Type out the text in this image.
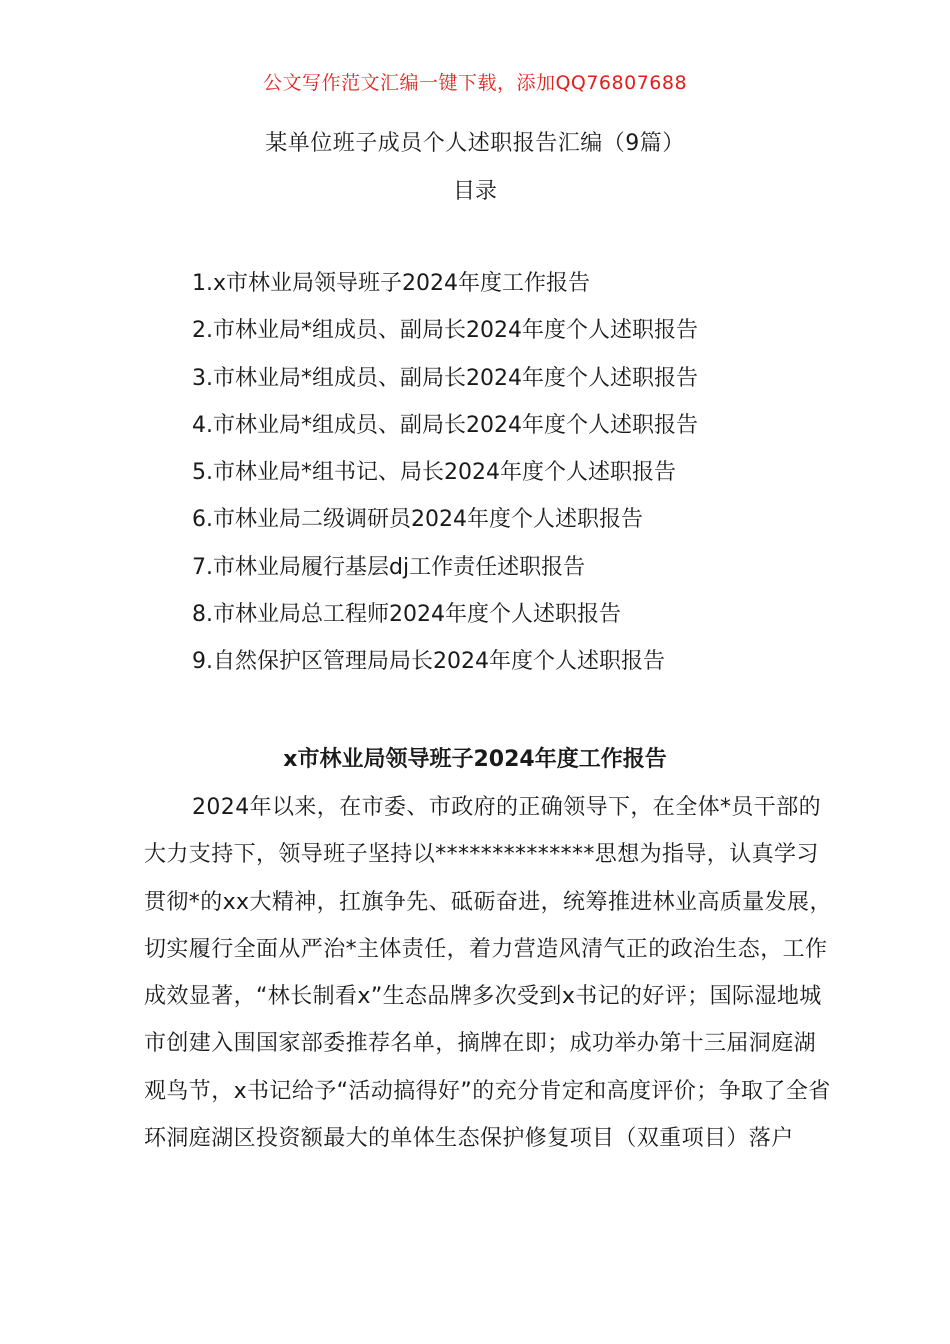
公文写作范文汇编一键下载，添加QQ76807688
某单位班子成员个人述职报告汇编（9篇）
目录
1.x市林业局领导班子2024年度工作报告
2.市林业局*组成员、副局长2024年度个人述职报告
3.市林业局*组成员、副局长2024年度个人述职报告
4.市林业局*组成员、副局长2024年度个人述职报告
5.市林业局*组书记、局长2024年度个人述职报告
6.市林业局二级调研员2024年度个人述职报告
7.市林业局履行基层dj工作责任述职报告
8.市林业局总工程师2024年度个人述职报告
9.自然保护区管理局局长2024年度个人述职报告
x市林业局领导班子2024年度工作报告

2024年以来，在市委、市政府的正确领导下，在全体*员干部的大力支持下，领导班子坚持以**************思想为指导，认真学习贯彻*的xx大精神，扛旗争先、砥砺奋进，统筹推进林业高质量发展，切实履行全面从严治*主体责任，着力营造风清气正的政治生态，工作成效显著，“林长制看x”生态品牌多次受到x书记的好评；国际湿地城市创建入围国家部委推荐名单，摘牌在即；成功举办第十三届洞庭湖观鸟节，x书记给予“活动搞得好”的充分肯定和高度评价；争取了全省环洞庭湖区投资额最大的单体生态保护修复项目（双重项目）落户
